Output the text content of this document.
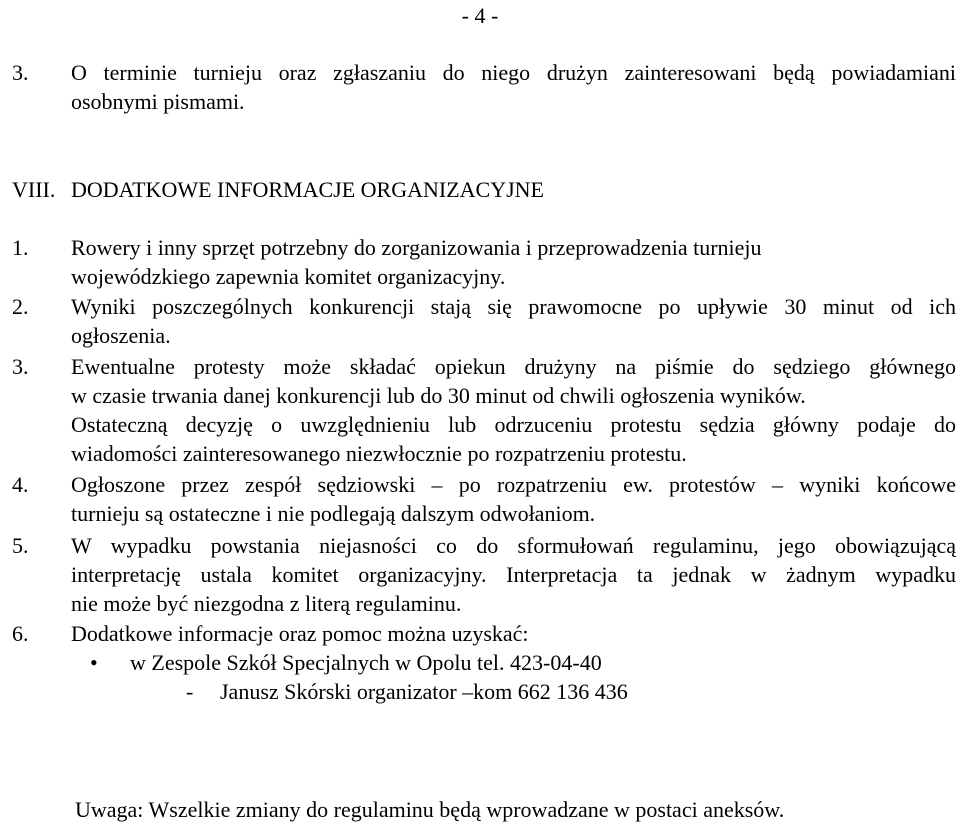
- 4 -
3. O terminie turnieju oraz zgłaszaniu do niego drużyn zainteresowani będą powiadamiani
osobnymi pismami.
VIII. DODATKOWE INFORMACJE ORGANIZACYJNE
1. Rowery i inny sprzęt potrzebny do zorganizowania i przeprowadzenia turnieju
wojewódzkiego zapewnia komitet organizacyjny.
2. Wyniki poszczególnych konkurencji stają się prawomocne po upływie 30 minut od ich
ogłoszenia.
3. Ewentualne protesty może składać opiekun drużyny na piśmie do sędziego głównego
w czasie trwania danej konkurencji lub do 30 minut od chwili ogłoszenia wyników.
Ostateczną decyzję o uwzględnieniu lub odrzuceniu protestu sędzia główny podaje do
wiadomości zainteresowanego niezwłocznie po rozpatrzeniu protestu.
4. Ogłoszone przez zespół sędziowski – po rozpatrzeniu ew. protestów – wyniki końcowe
turnieju są ostateczne i nie podlegają dalszym odwołaniom.
5. W wypadku powstania niejasności co do sformułowań regulaminu, jego obowiązującą
interpretację ustala komitet organizacyjny. Interpretacja ta jednak w żadnym wypadku
nie może być niezgodna z literą regulaminu.
6. Dodatkowe informacje oraz pomoc można uzyskać:
• w Zespole Szkół Specjalnych w Opolu tel. 423-04-40
- Janusz Skórski organizator –kom 662 136 436
Uwaga: Wszelkie zmiany do regulaminu będą wprowadzane w postaci aneksów.
